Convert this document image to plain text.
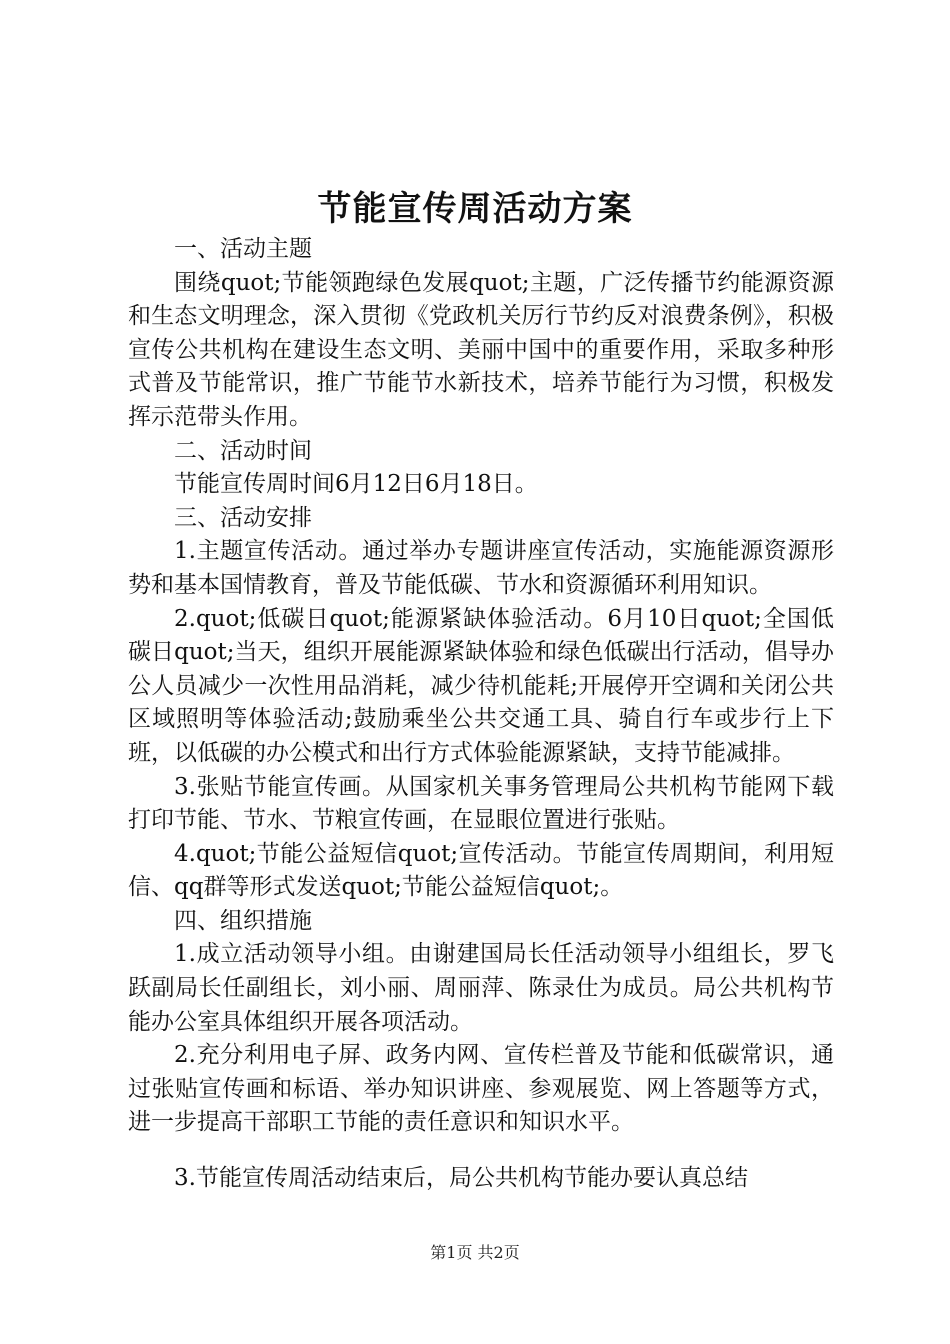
节能宣传周活动方案

一、活动主题

围绕quot;节能领跑绿色发展quot;主题，广泛传播节约能源资源和生态文明理念，深入贯彻《党政机关厉行节约反对浪费条例》，积极宣传公共机构在建设生态文明、美丽中国中的重要作用，采取多种形式普及节能常识，推广节能节水新技术，培养节能行为习惯，积极发挥示范带头作用。

二、活动时间

节能宣传周时间6月12日6月18日。

三、活动安排

1.主题宣传活动。通过举办专题讲座宣传活动，实施能源资源形势和基本国情教育，普及节能低碳、节水和资源循环利用知识。

2.quot;低碳日quot;能源紧缺体验活动。6月10日quot;全国低碳日quot;当天，组织开展能源紧缺体验和绿色低碳出行活动，倡导办公人员减少一次性用品消耗，减少待机能耗;开展停开空调和关闭公共区域照明等体验活动;鼓励乘坐公共交通工具、骑自行车或步行上下班，以低碳的办公模式和出行方式体验能源紧缺，支持节能减排。

3.张贴节能宣传画。从国家机关事务管理局公共机构节能网下载打印节能、节水、节粮宣传画，在显眼位置进行张贴。

4.quot;节能公益短信quot;宣传活动。节能宣传周期间，利用短信、qq群等形式发送quot;节能公益短信quot;。

四、组织措施

1.成立活动领导小组。由谢建国局长任活动领导小组组长，罗飞跃副局长任副组长，刘小丽、周丽萍、陈录仕为成员。局公共机构节能办公室具体组织开展各项活动。

2.充分利用电子屏、政务内网、宣传栏普及节能和低碳常识，通过张贴宣传画和标语、举办知识讲座、参观展览、网上答题等方式，进一步提高干部职工节能的责任意识和知识水平。

3.节能宣传周活动结束后，局公共机构节能办要认真总结

第1页 共2页
